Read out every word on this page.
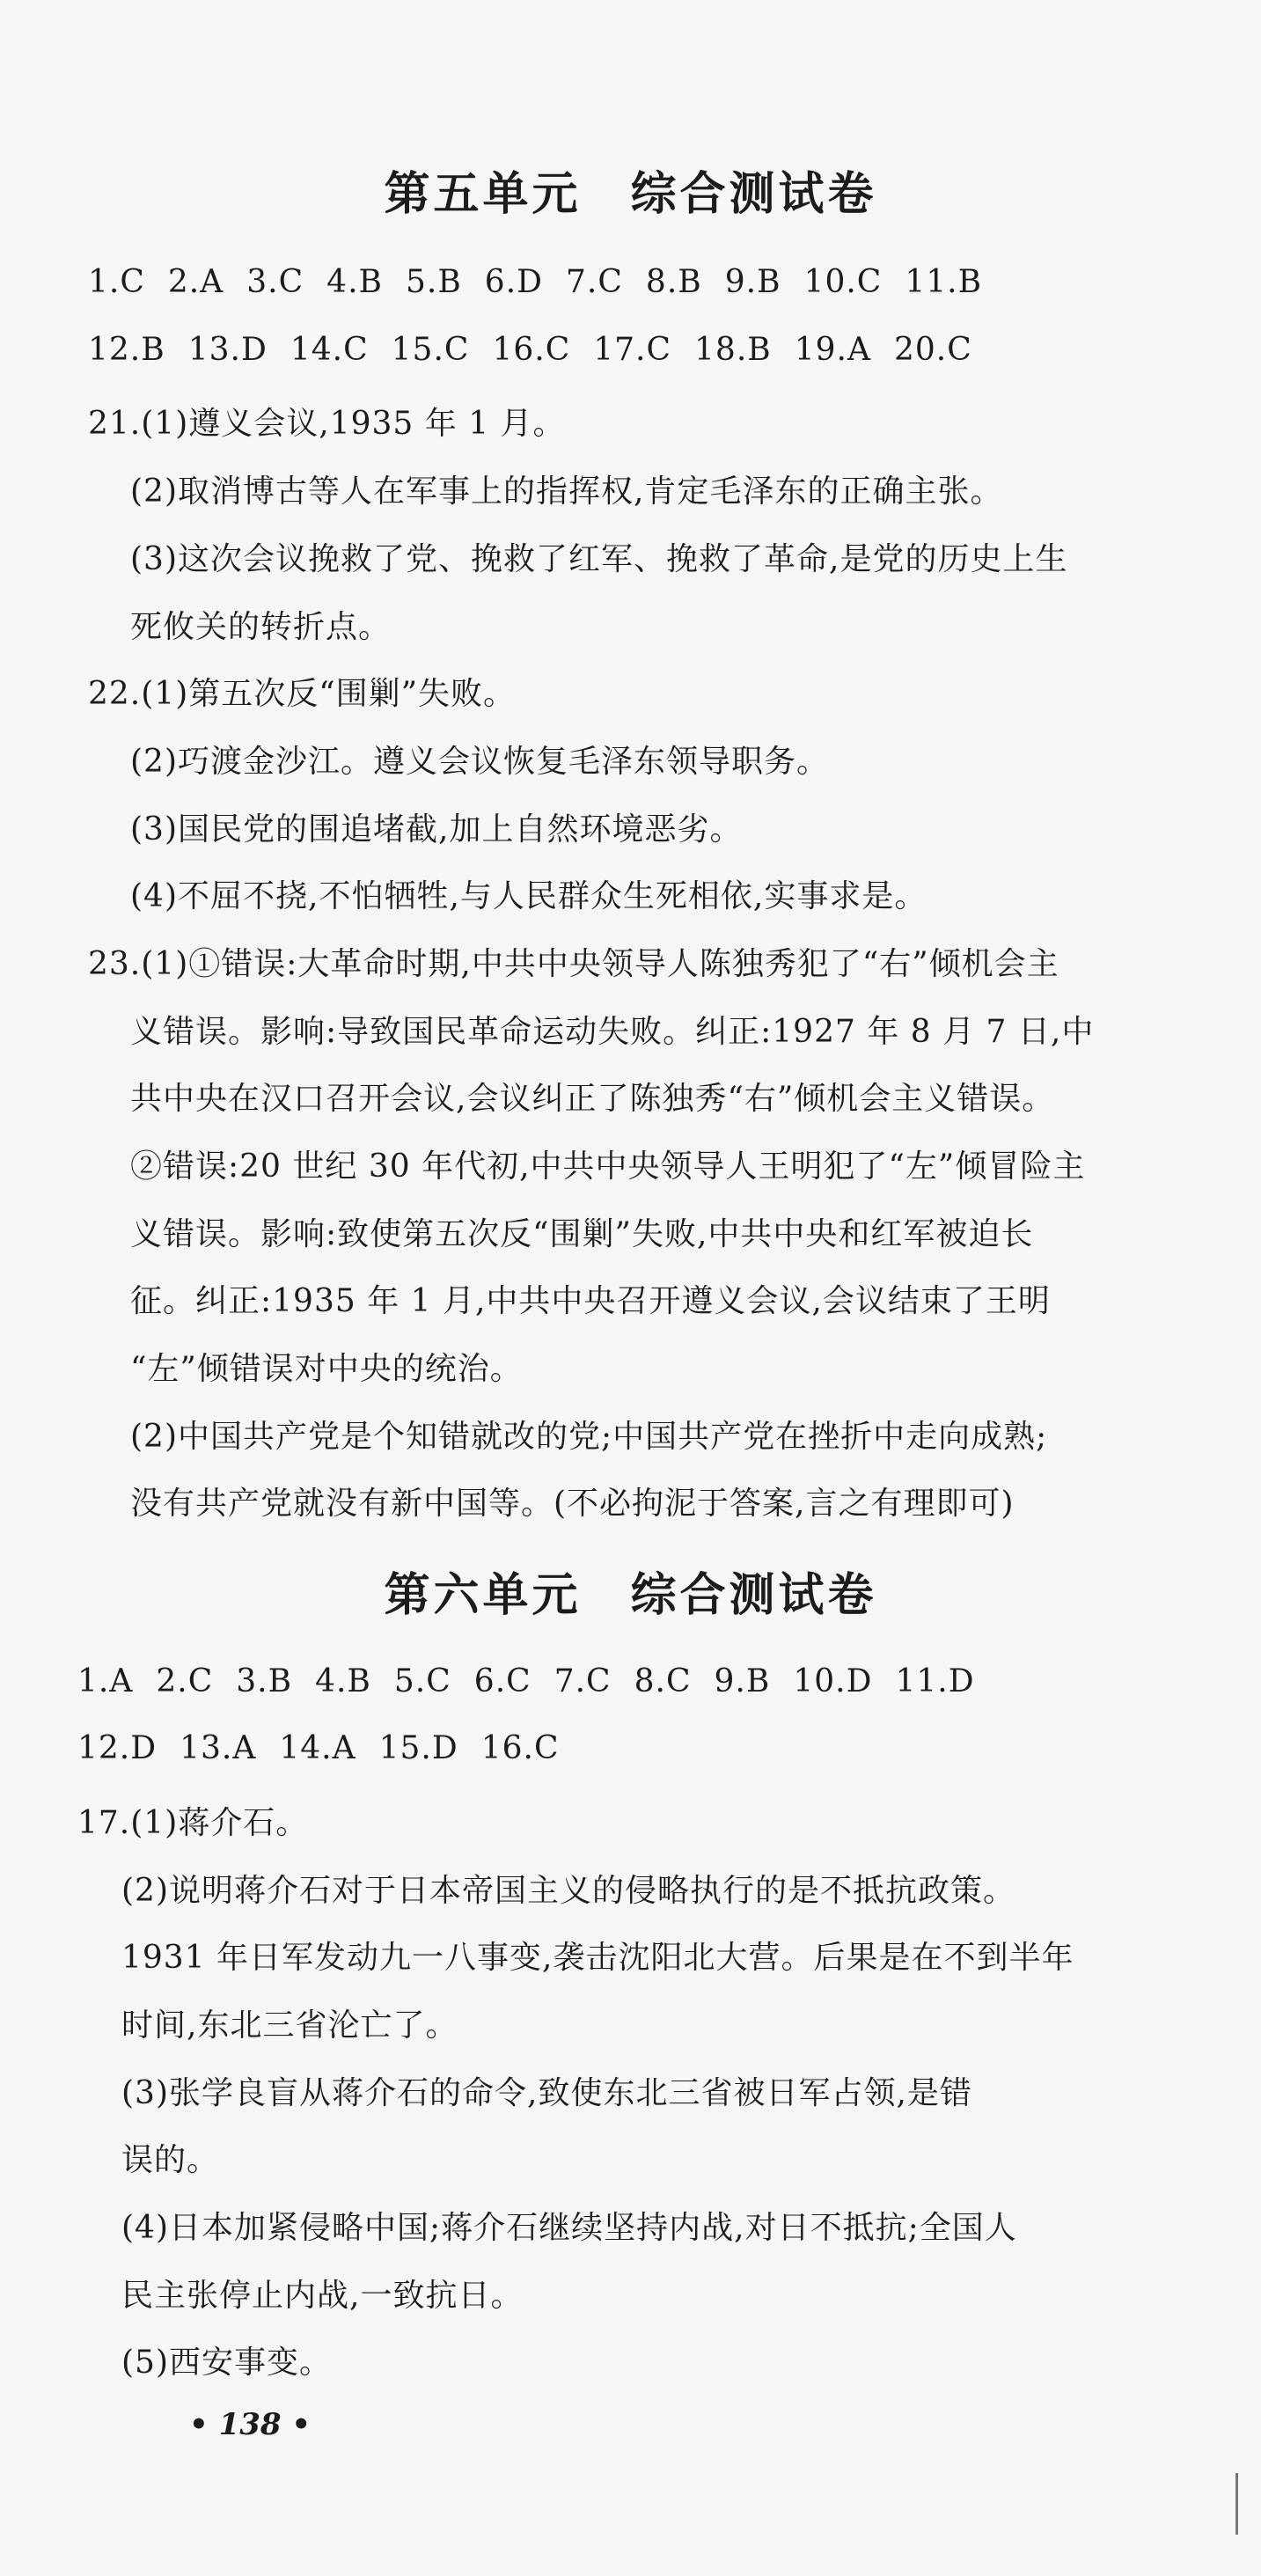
第五单元　综合测试卷
1.C 2.A 3.C 4.B 5.B 6.D 7.C 8.B 9.B 10.C 11.B
12.B 13.D 14.C 15.C 16.C 17.C 18.B 19.A 20.C

21.(1)遵义会议,1935 年 1 月。

(2)取消博古等人在军事上的指挥权,肯定毛泽东的正确主张。

(3)这次会议挽救了党、挽救了红军、挽救了革命,是党的历史上生

死攸关的转折点。

22.(1)第五次反“围剿”失败。

(2)巧渡金沙江。遵义会议恢复毛泽东领导职务。

(3)国民党的围追堵截,加上自然环境恶劣。

(4)不屈不挠,不怕牺牲,与人民群众生死相依,实事求是。

23.(1)①错误:大革命时期,中共中央领导人陈独秀犯了“右”倾机会主

义错误。影响:导致国民革命运动失败。纠正:1927 年 8 月 7 日,中

共中央在汉口召开会议,会议纠正了陈独秀“右”倾机会主义错误。

②错误:20 世纪 30 年代初,中共中央领导人王明犯了“左”倾冒险主

义错误。影响:致使第五次反“围剿”失败,中共中央和红军被迫长

征。纠正:1935 年 1 月,中共中央召开遵义会议,会议结束了王明

“左”倾错误对中央的统治。

(2)中国共产党是个知错就改的党;中国共产党在挫折中走向成熟;

没有共产党就没有新中国等。(不必拘泥于答案,言之有理即可)

第六单元　综合测试卷
1.A 2.C 3.B 4.B 5.C 6.C 7.C 8.C 9.B 10.D 11.D
12.D 13.A 14.A 15.D 16.C

17.(1)蒋介石。

(2)说明蒋介石对于日本帝国主义的侵略执行的是不抵抗政策。

1931 年日军发动九一八事变,袭击沈阳北大营。后果是在不到半年

时间,东北三省沦亡了。

(3)张学良盲从蒋介石的命令,致使东北三省被日军占领,是错

误的。

(4)日本加紧侵略中国;蒋介石继续坚持内战,对日不抵抗;全国人

民主张停止内战,一致抗日。

(5)西安事变。

• 138 •
